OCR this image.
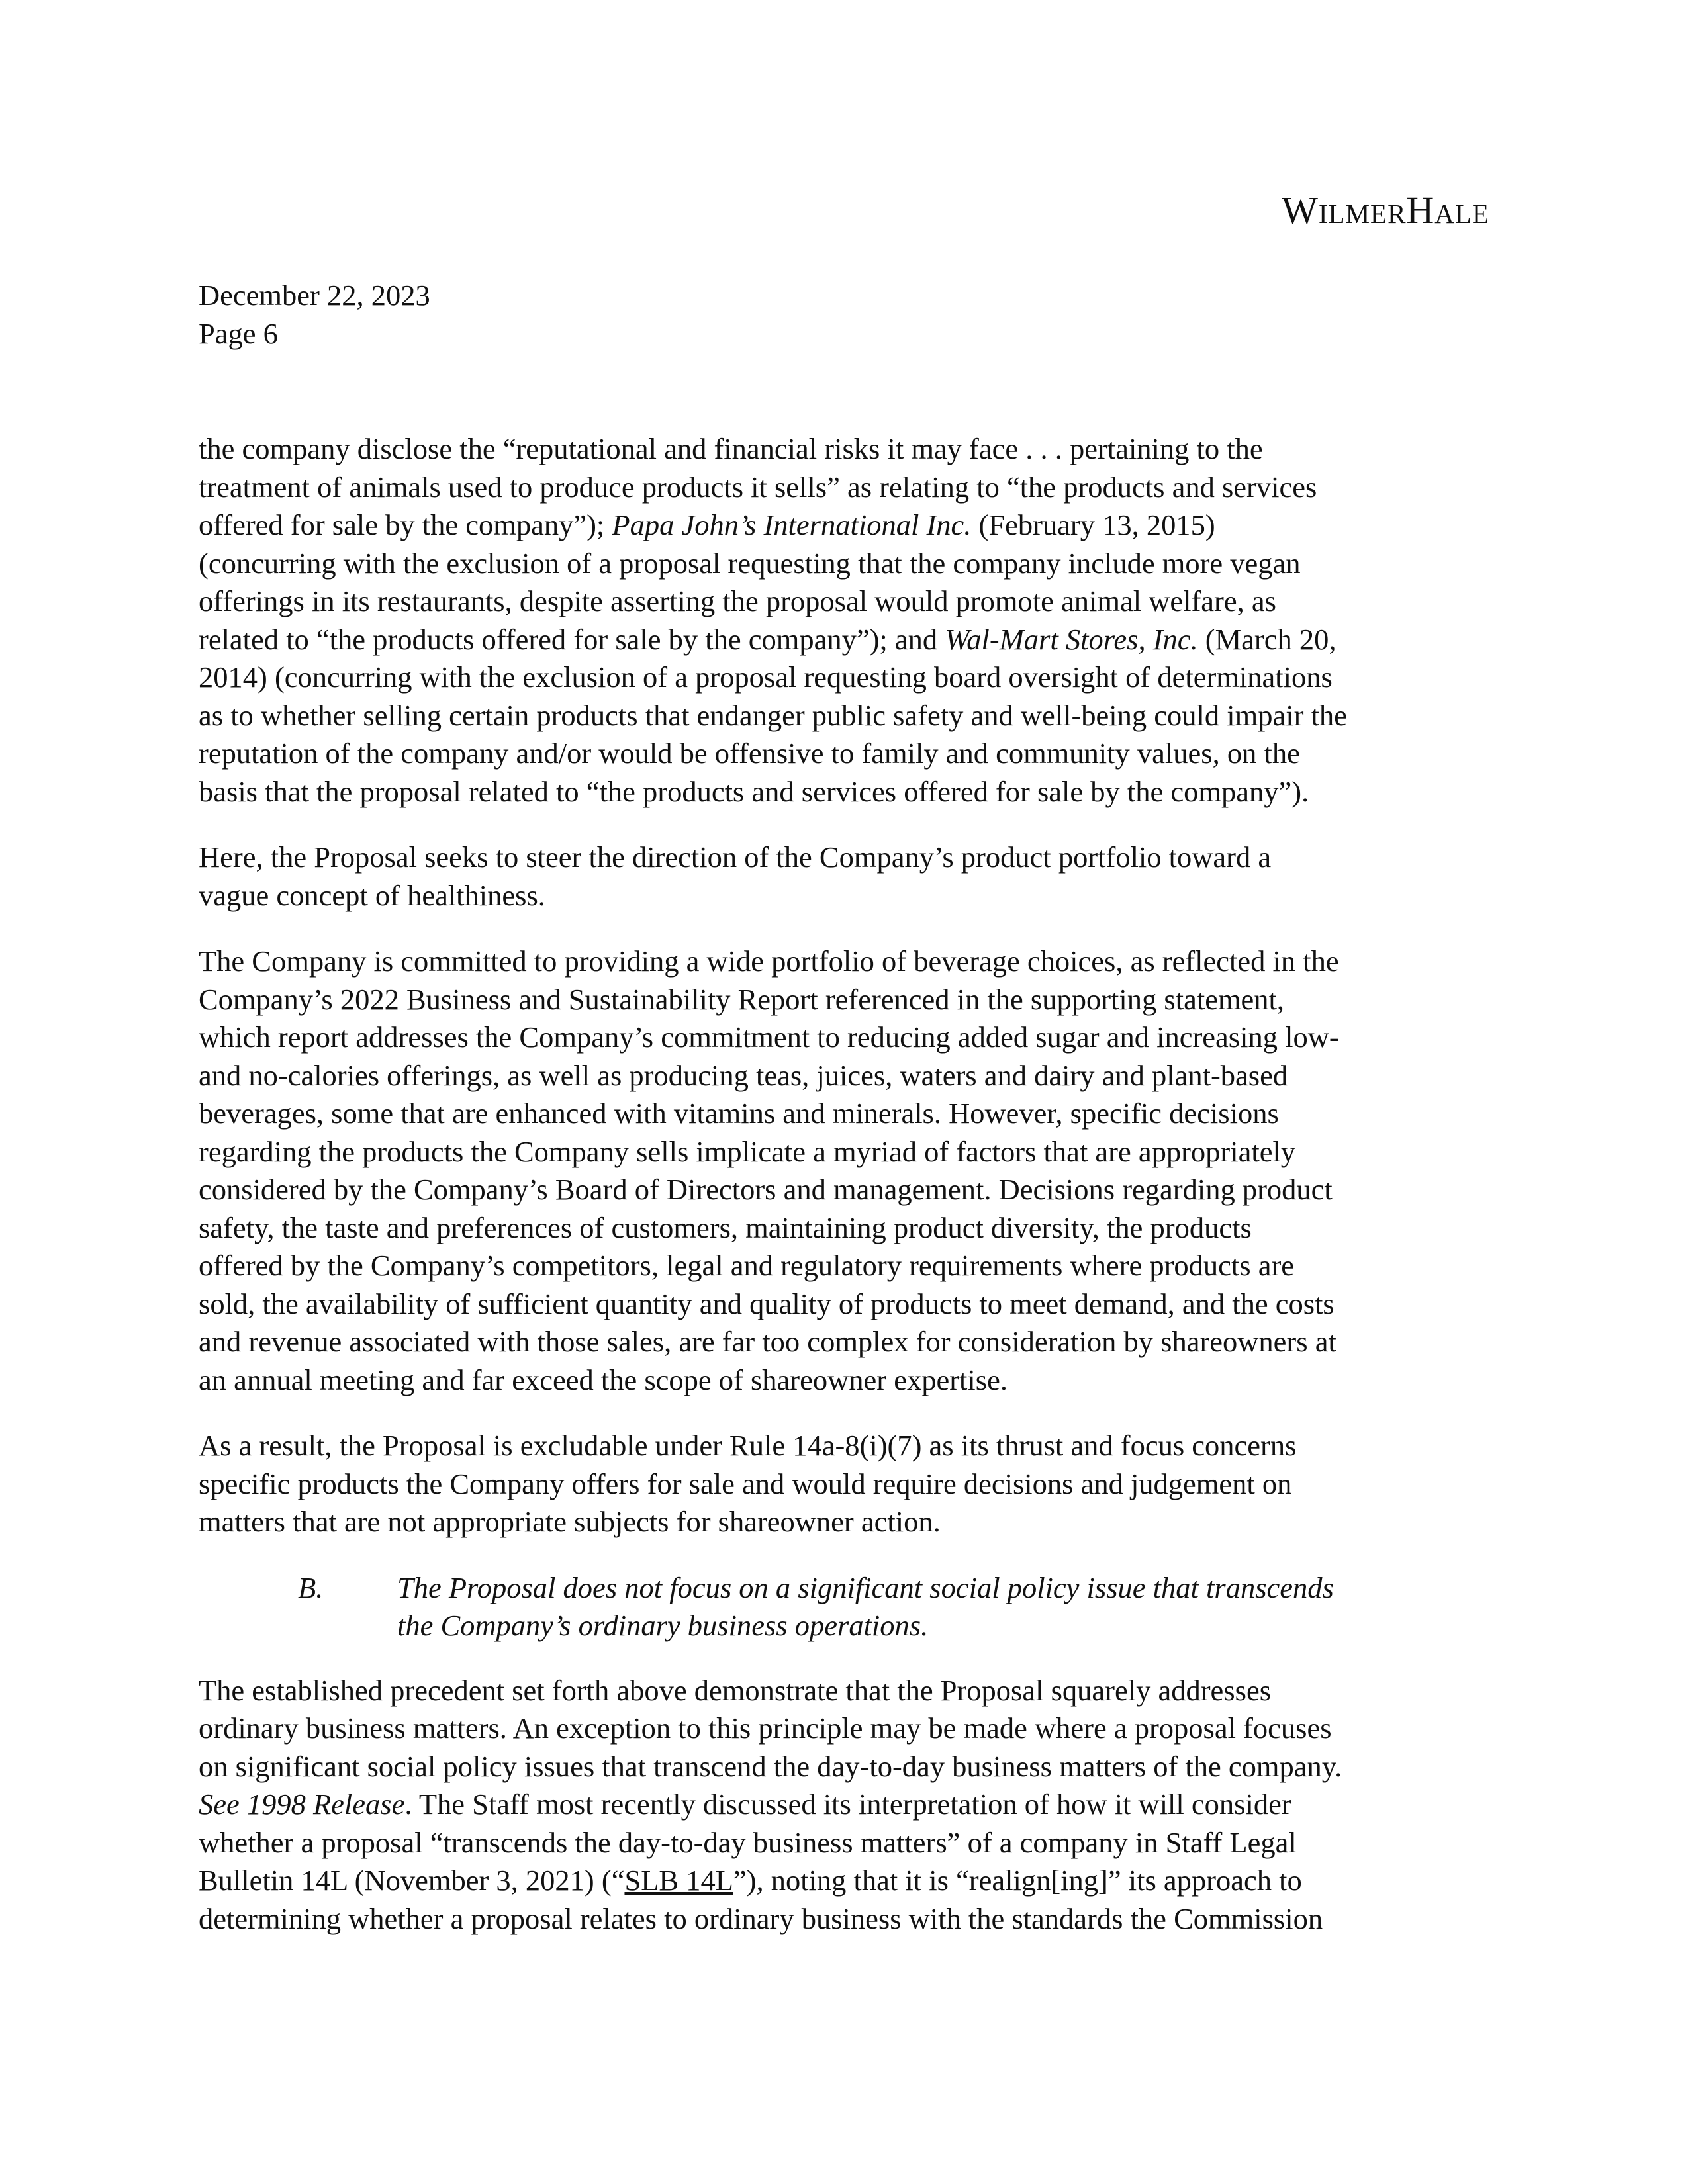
WilmerHale
December 22, 2023
Page 6

the company disclose the “reputational and financial risks it may face . . . pertaining to the
treatment of animals used to produce products it sells” as relating to “the products and services
offered for sale by the company”); Papa John’s International Inc. (February 13, 2015)
(concurring with the exclusion of a proposal requesting that the company include more vegan
offerings in its restaurants, despite asserting the proposal would promote animal welfare, as
related to “the products offered for sale by the company”); and Wal-Mart Stores, Inc. (March 20,
2014) (concurring with the exclusion of a proposal requesting board oversight of determinations
as to whether selling certain products that endanger public safety and well-being could impair the
reputation of the company and/or would be offensive to family and community values, on the
basis that the proposal related to “the products and services offered for sale by the company”).

Here, the Proposal seeks to steer the direction of the Company’s product portfolio toward a
vague concept of healthiness.

The Company is committed to providing a wide portfolio of beverage choices, as reflected in the
Company’s 2022 Business and Sustainability Report referenced in the supporting statement,
which report addresses the Company’s commitment to reducing added sugar and increasing low-
and no-calories offerings, as well as producing teas, juices, waters and dairy and plant-based
beverages, some that are enhanced with vitamins and minerals. However, specific decisions
regarding the products the Company sells implicate a myriad of factors that are appropriately
considered by the Company’s Board of Directors and management. Decisions regarding product
safety, the taste and preferences of customers, maintaining product diversity, the products
offered by the Company’s competitors, legal and regulatory requirements where products are
sold, the availability of sufficient quantity and quality of products to meet demand, and the costs
and revenue associated with those sales, are far too complex for consideration by shareowners at
an annual meeting and far exceed the scope of shareowner expertise.

As a result, the Proposal is excludable under Rule 14a-8(i)(7) as its thrust and focus concerns
specific products the Company offers for sale and would require decisions and judgement on
matters that are not appropriate subjects for shareowner action.

B.	The Proposal does not focus on a significant social policy issue that transcends
the Company’s ordinary business operations.

The established precedent set forth above demonstrate that the Proposal squarely addresses
ordinary business matters. An exception to this principle may be made where a proposal focuses
on significant social policy issues that transcend the day-to-day business matters of the company.
See 1998 Release. The Staff most recently discussed its interpretation of how it will consider
whether a proposal “transcends the day-to-day business matters” of a company in Staff Legal
Bulletin 14L (November 3, 2021) (“SLB 14L”), noting that it is “realign[ing]” its approach to
determining whether a proposal relates to ordinary business with the standards the Commission
